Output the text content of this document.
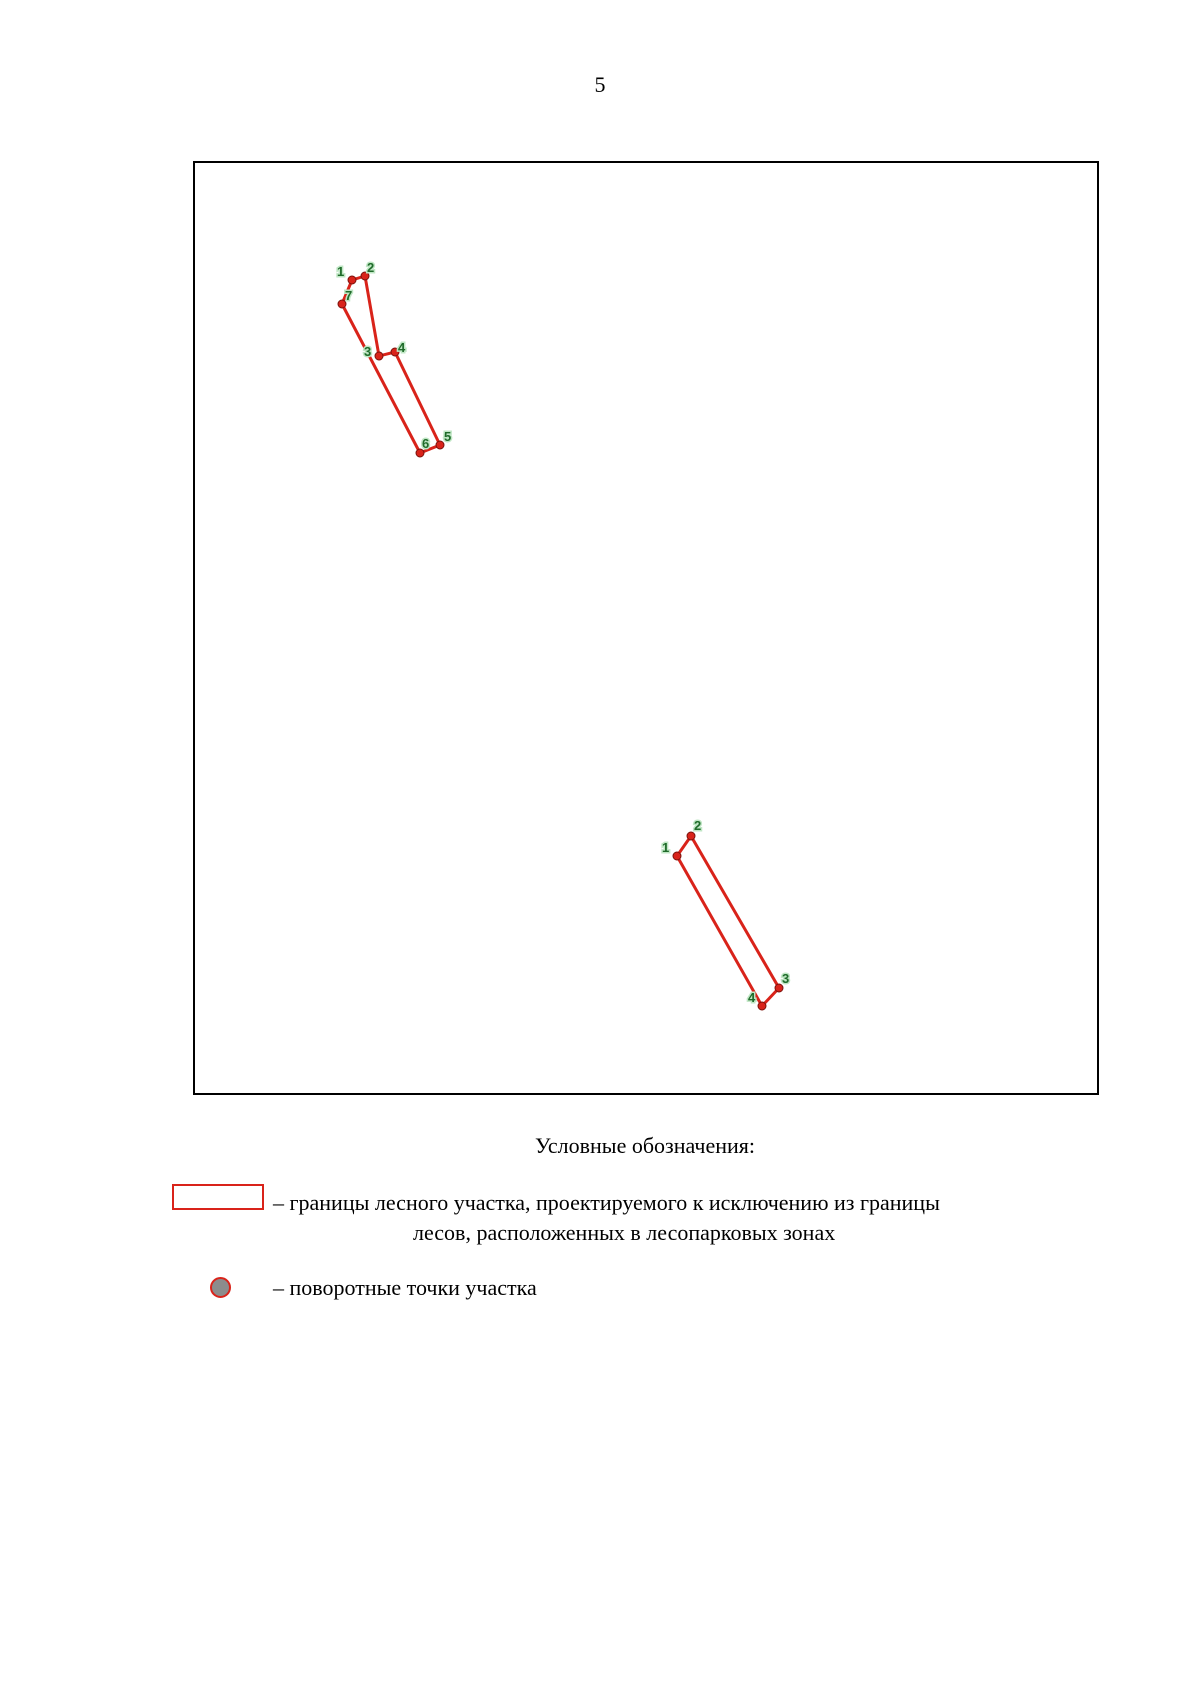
5
1 2
3 4
5
6
7
1
2
3
4
Условные обозначения:
– границы лесного участка, проектируемого к исключению из границы
лесов, расположенных в лесопарковых зонах
– поворотные точки участка
